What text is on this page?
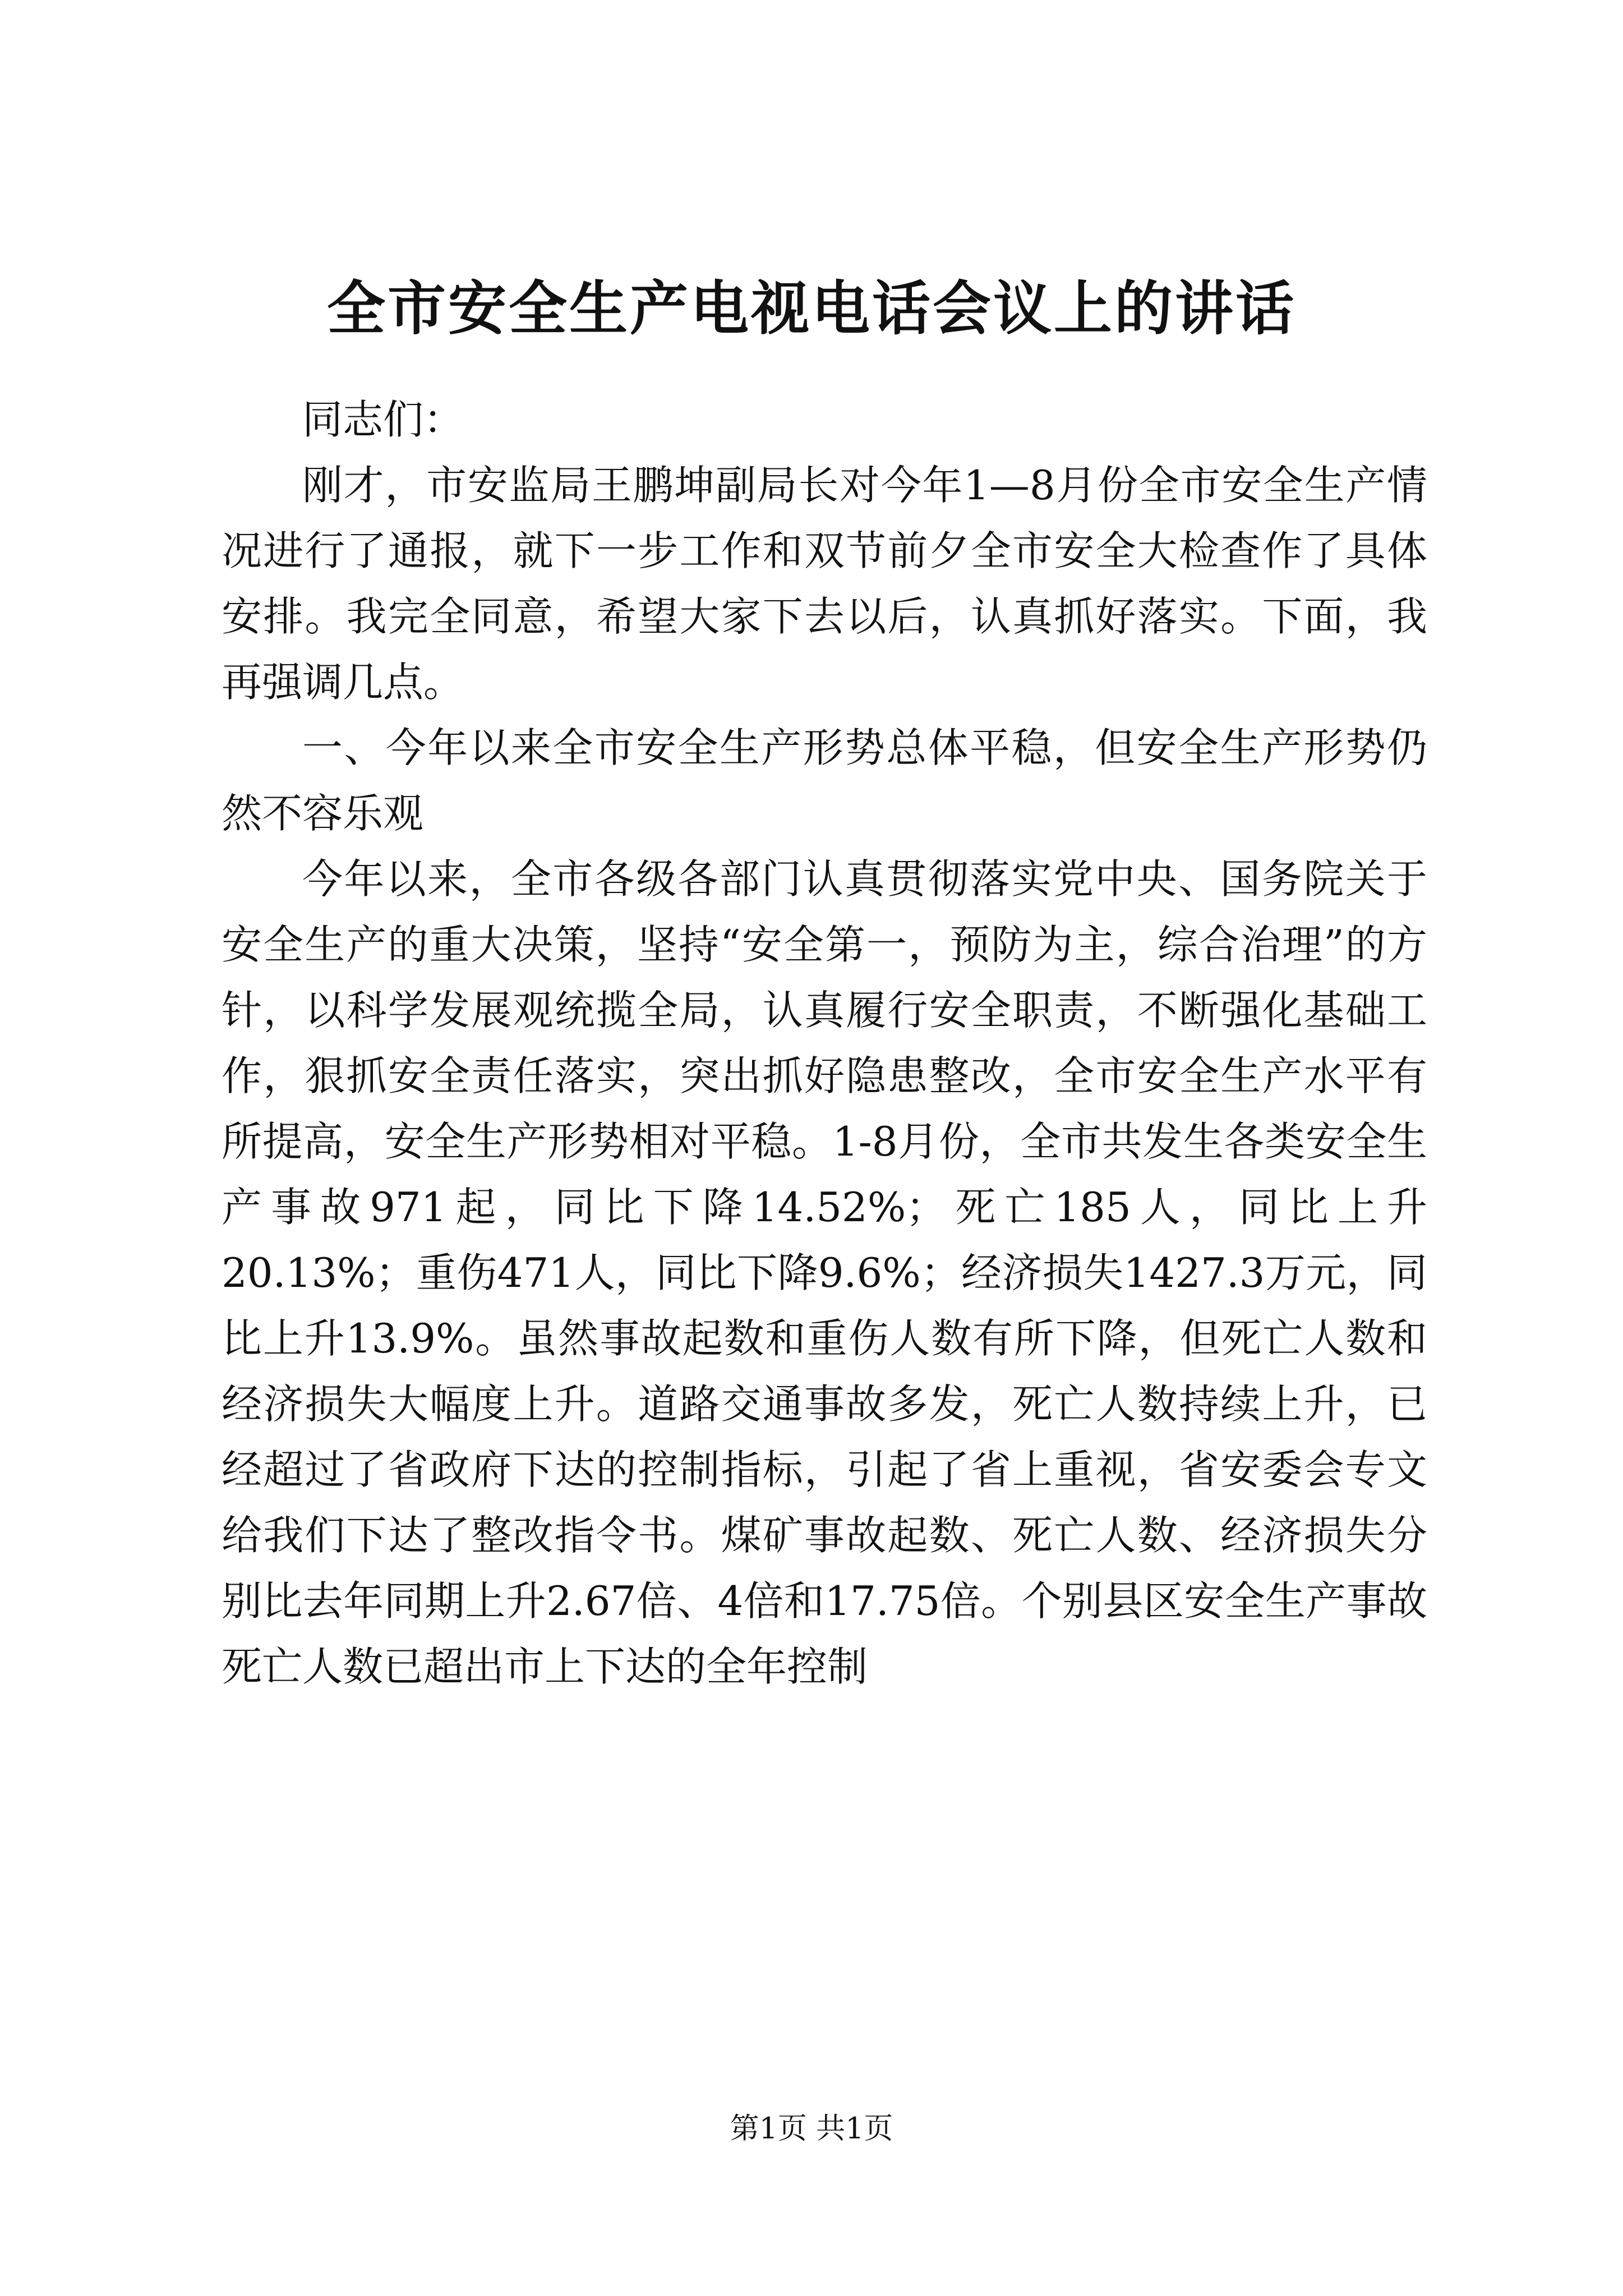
全市安全生产电视电话会议上的讲话

同志们：

刚才，市安监局王鹏坤副局长对今年1—8月份全市安全生产情况进行了通报，就下一步工作和双节前夕全市安全大检查作了具体安排。我完全同意，希望大家下去以后，认真抓好落实。下面，我再强调几点。

一、今年以来全市安全生产形势总体平稳，但安全生产形势仍然不容乐观

今年以来，全市各级各部门认真贯彻落实党中央、国务院关于安全生产的重大决策，坚持“安全第一，预防为主，综合治理”的方针，以科学发展观统揽全局，认真履行安全职责，不断强化基础工作，狠抓安全责任落实，突出抓好隐患整改，全市安全生产水平有所提高，安全生产形势相对平稳。1-8月份，全市共发生各类安全生产事故971起，同比下降14.52%；死亡185人，同比上升20.13%；重伤471人，同比下降9.6%；经济损失1427.3万元，同比上升13.9%。虽然事故起数和重伤人数有所下降，但死亡人数和经济损失大幅度上升。道路交通事故多发，死亡人数持续上升，已经超过了省政府下达的控制指标，引起了省上重视，省安委会专文给我们下达了整改指令书。煤矿事故起数、死亡人数、经济损失分别比去年同期上升2.67倍、4倍和17.75倍。个别县区安全生产事故死亡人数已超出市上下达的全年控制

第1页 共1页
